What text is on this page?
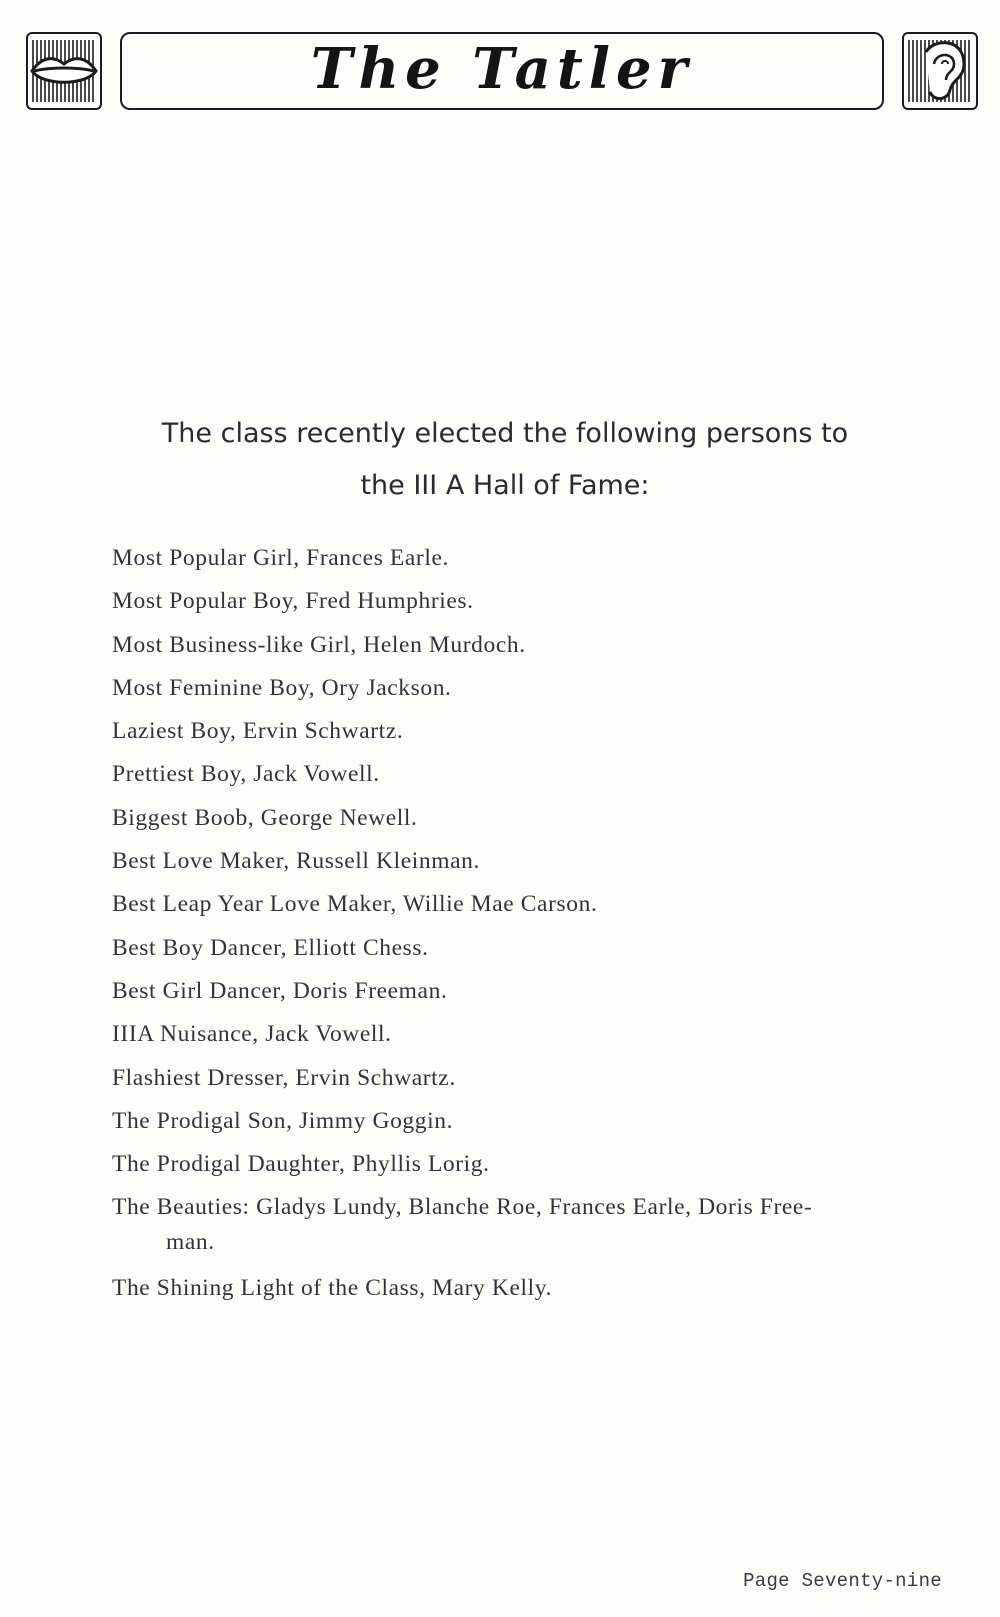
The Tatler
The class recently elected the following persons to
the III A Hall of Fame:
Most Popular Girl, Frances Earle.
Most Popular Boy, Fred Humphries.
Most Business-like Girl, Helen Murdoch.
Most Feminine Boy, Ory Jackson.
Laziest Boy, Ervin Schwartz.
Prettiest Boy, Jack Vowell.
Biggest Boob, George Newell.
Best Love Maker, Russell Kleinman.
Best Leap Year Love Maker, Willie Mae Carson.
Best Boy Dancer, Elliott Chess.
Best Girl Dancer, Doris Freeman.
IIIA Nuisance, Jack Vowell.
Flashiest Dresser, Ervin Schwartz.
The Prodigal Son, Jimmy Goggin.
The Prodigal Daughter, Phyllis Lorig.
The Beauties: Gladys Lundy, Blanche Roe, Frances Earle, Doris Free-
man.
The Shining Light of the Class, Mary Kelly.
Page Seventy-nine
